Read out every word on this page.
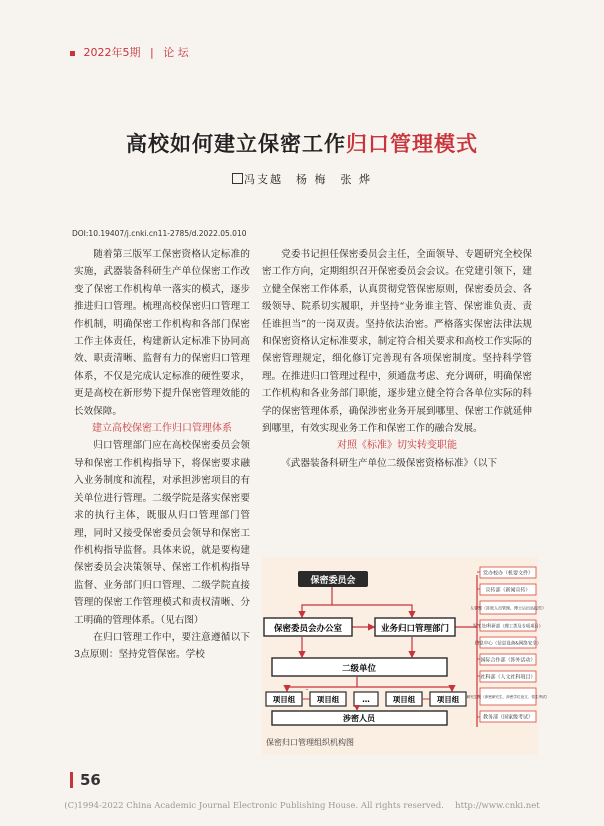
2022年5期 | 论 坛
高校如何建立保密工作归口管理模式
冯支越　杨 梅　张 烨
DOI:10.19407/j.cnki.cn11-2785/d.2022.05.010

随着第三版军工保密资格认定标准的实施，武器装备科研生产单位保密工作改变了保密工作机构单一落实的模式，逐步推进归口管理。梳理高校保密归口管理工作机制，明确保密工作机构和各部门保密工作主体责任，构建新认定标准下协同高效、职责清晰、监督有力的保密归口管理体系，不仅是完成认定标准的硬性要求，更是高校在新形势下提升保密管理效能的长效保障。

建立高校保密工作归口管理体系

归口管理部门应在高校保密委员会领导和保密工作机构指导下，将保密要求融入业务制度和流程，对承担涉密项目的有关单位进行管理。二级学院是落实保密要求的执行主体，既服从归口管理部门管理，同时又接受保密委员会领导和保密工作机构指导监督。具体来说，就是要构建保密委员会决策领导、保密工作机构指导监督、业务部门归口管理、二级学院直接管理的保密工作管理模式和责权清晰、分工明确的管理体系。（见右图）

在归口管理工作中，要注意遵循以下3点原则：坚持党管保密。学校

党委书记担任保密委员会主任，全面领导、专题研究全校保密工作方向，定期组织召开保密委员会会议。在党建引领下，建立健全保密工作体系，认真贯彻党管保密原则，保密委员会、各级领导、院系切实履职，并坚持“业务谁主管、保密谁负责、责任谁担当”的一岗双责。坚持依法治密。严格落实保密法律法规和保密资格认定标准要求，制定符合相关要求和高校工作实际的保密管理规定，细化修订完善现有各项保密制度。坚持科学管理。在推进归口管理过程中，须通盘考虑、充分调研，明确保密工作机构和各业务部门职能，逐步建立健全符合各单位实际的科学的保密管理体系，确保涉密业务开展到哪里、保密工作就延伸到哪里，有效实现业务工作和保密工作的融合发展。

对照《标准》切实转变职能

《武器装备科研生产单位二级保密资格标准》（以下

保密委员会
保密委员会办公室	业务归口管理部门
二级单位
项目组	项目组	…	项目组	项目组
涉密人员
党办校办（机要文件）
宣传部（新闻宣传）
人事部（涉密人员管理、博士后出站报告）
军工处/科研部（理工类及专项项目）
信息中心（信息设备&网络安全）
国际合作部（涉外活动）
社科部（人文社科項目）
研究生院（涉密研究生、涉密学位论文、招生考试）
教务部（国家级考试）
保密归口管理组织机构图
56
(C)1994-2022 China Academic Journal Electronic Publishing House. All rights reserved.　 http://www.cnki.net
